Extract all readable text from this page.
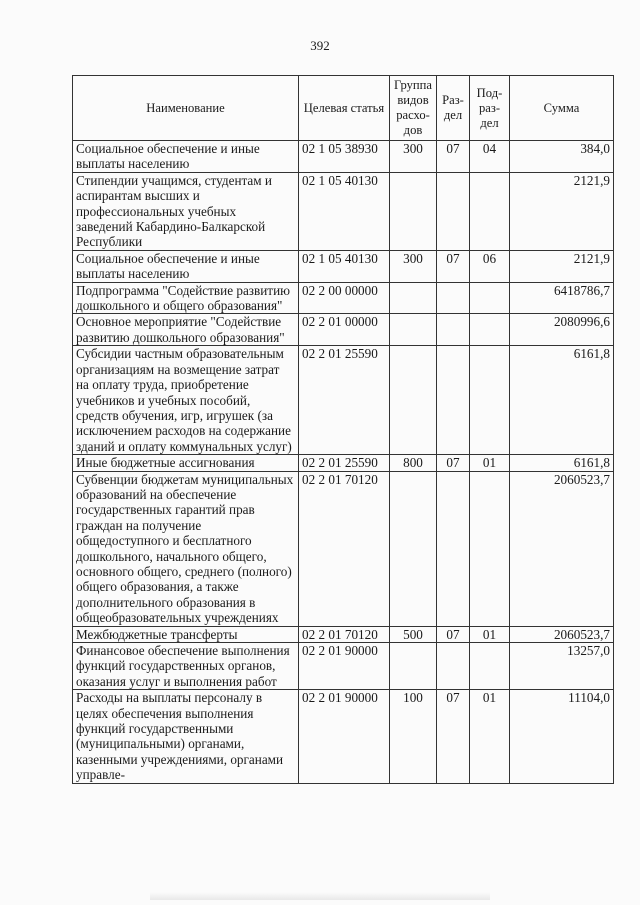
392
Наименование	Целевая статья	Группа видов расхо-дов	Раз-дел	Под-раз-дел	Сумма
Социальное обеспечение и иные выплаты населению	02 1 05 38930	300	07	04	384,0
Стипендии учащимся, студентам и аспирантам высших и профессиональных учебных заведений Кабардино-Балкарской Республики	02 1 05 40130				2121,9
Социальное обеспечение и иные выплаты населению	02 1 05 40130	300	07	06	2121,9
Подпрограмма "Содействие развитию дошкольного и общего образования"	02 2 00 00000				6418786,7
Основное мероприятие "Содействие развитию дошкольного образования"	02 2 01 00000				2080996,6
Субсидии частным образовательным организациям на возмещение затрат на оплату труда, приобретение учебников и учебных пособий, средств обучения, игр, игрушек (за исключением расходов на содержание зданий и оплату коммунальных услуг)	02 2 01 25590				6161,8
Иные бюджетные ассигнования	02 2 01 25590	800	07	01	6161,8
Субвенции бюджетам муниципальных образований на обеспечение государственных гарантий прав граждан на получение общедоступного и бесплатного дошкольного, начального общего, основного общего, среднего (полного) общего образования, а также дополнительного образования в общеобразовательных учреждениях	02 2 01 70120				2060523,7
Межбюджетные трансферты	02 2 01 70120	500	07	01	2060523,7
Финансовое обеспечение выполнения функций государственных органов, оказания услуг и выполнения работ	02 2 01 90000				13257,0
Расходы на выплаты персоналу в целях обеспечения выполнения функций государственными (муниципальными) органами, казенными учреждениями, органами управле-	02 2 01 90000	100	07	01	11104,0
